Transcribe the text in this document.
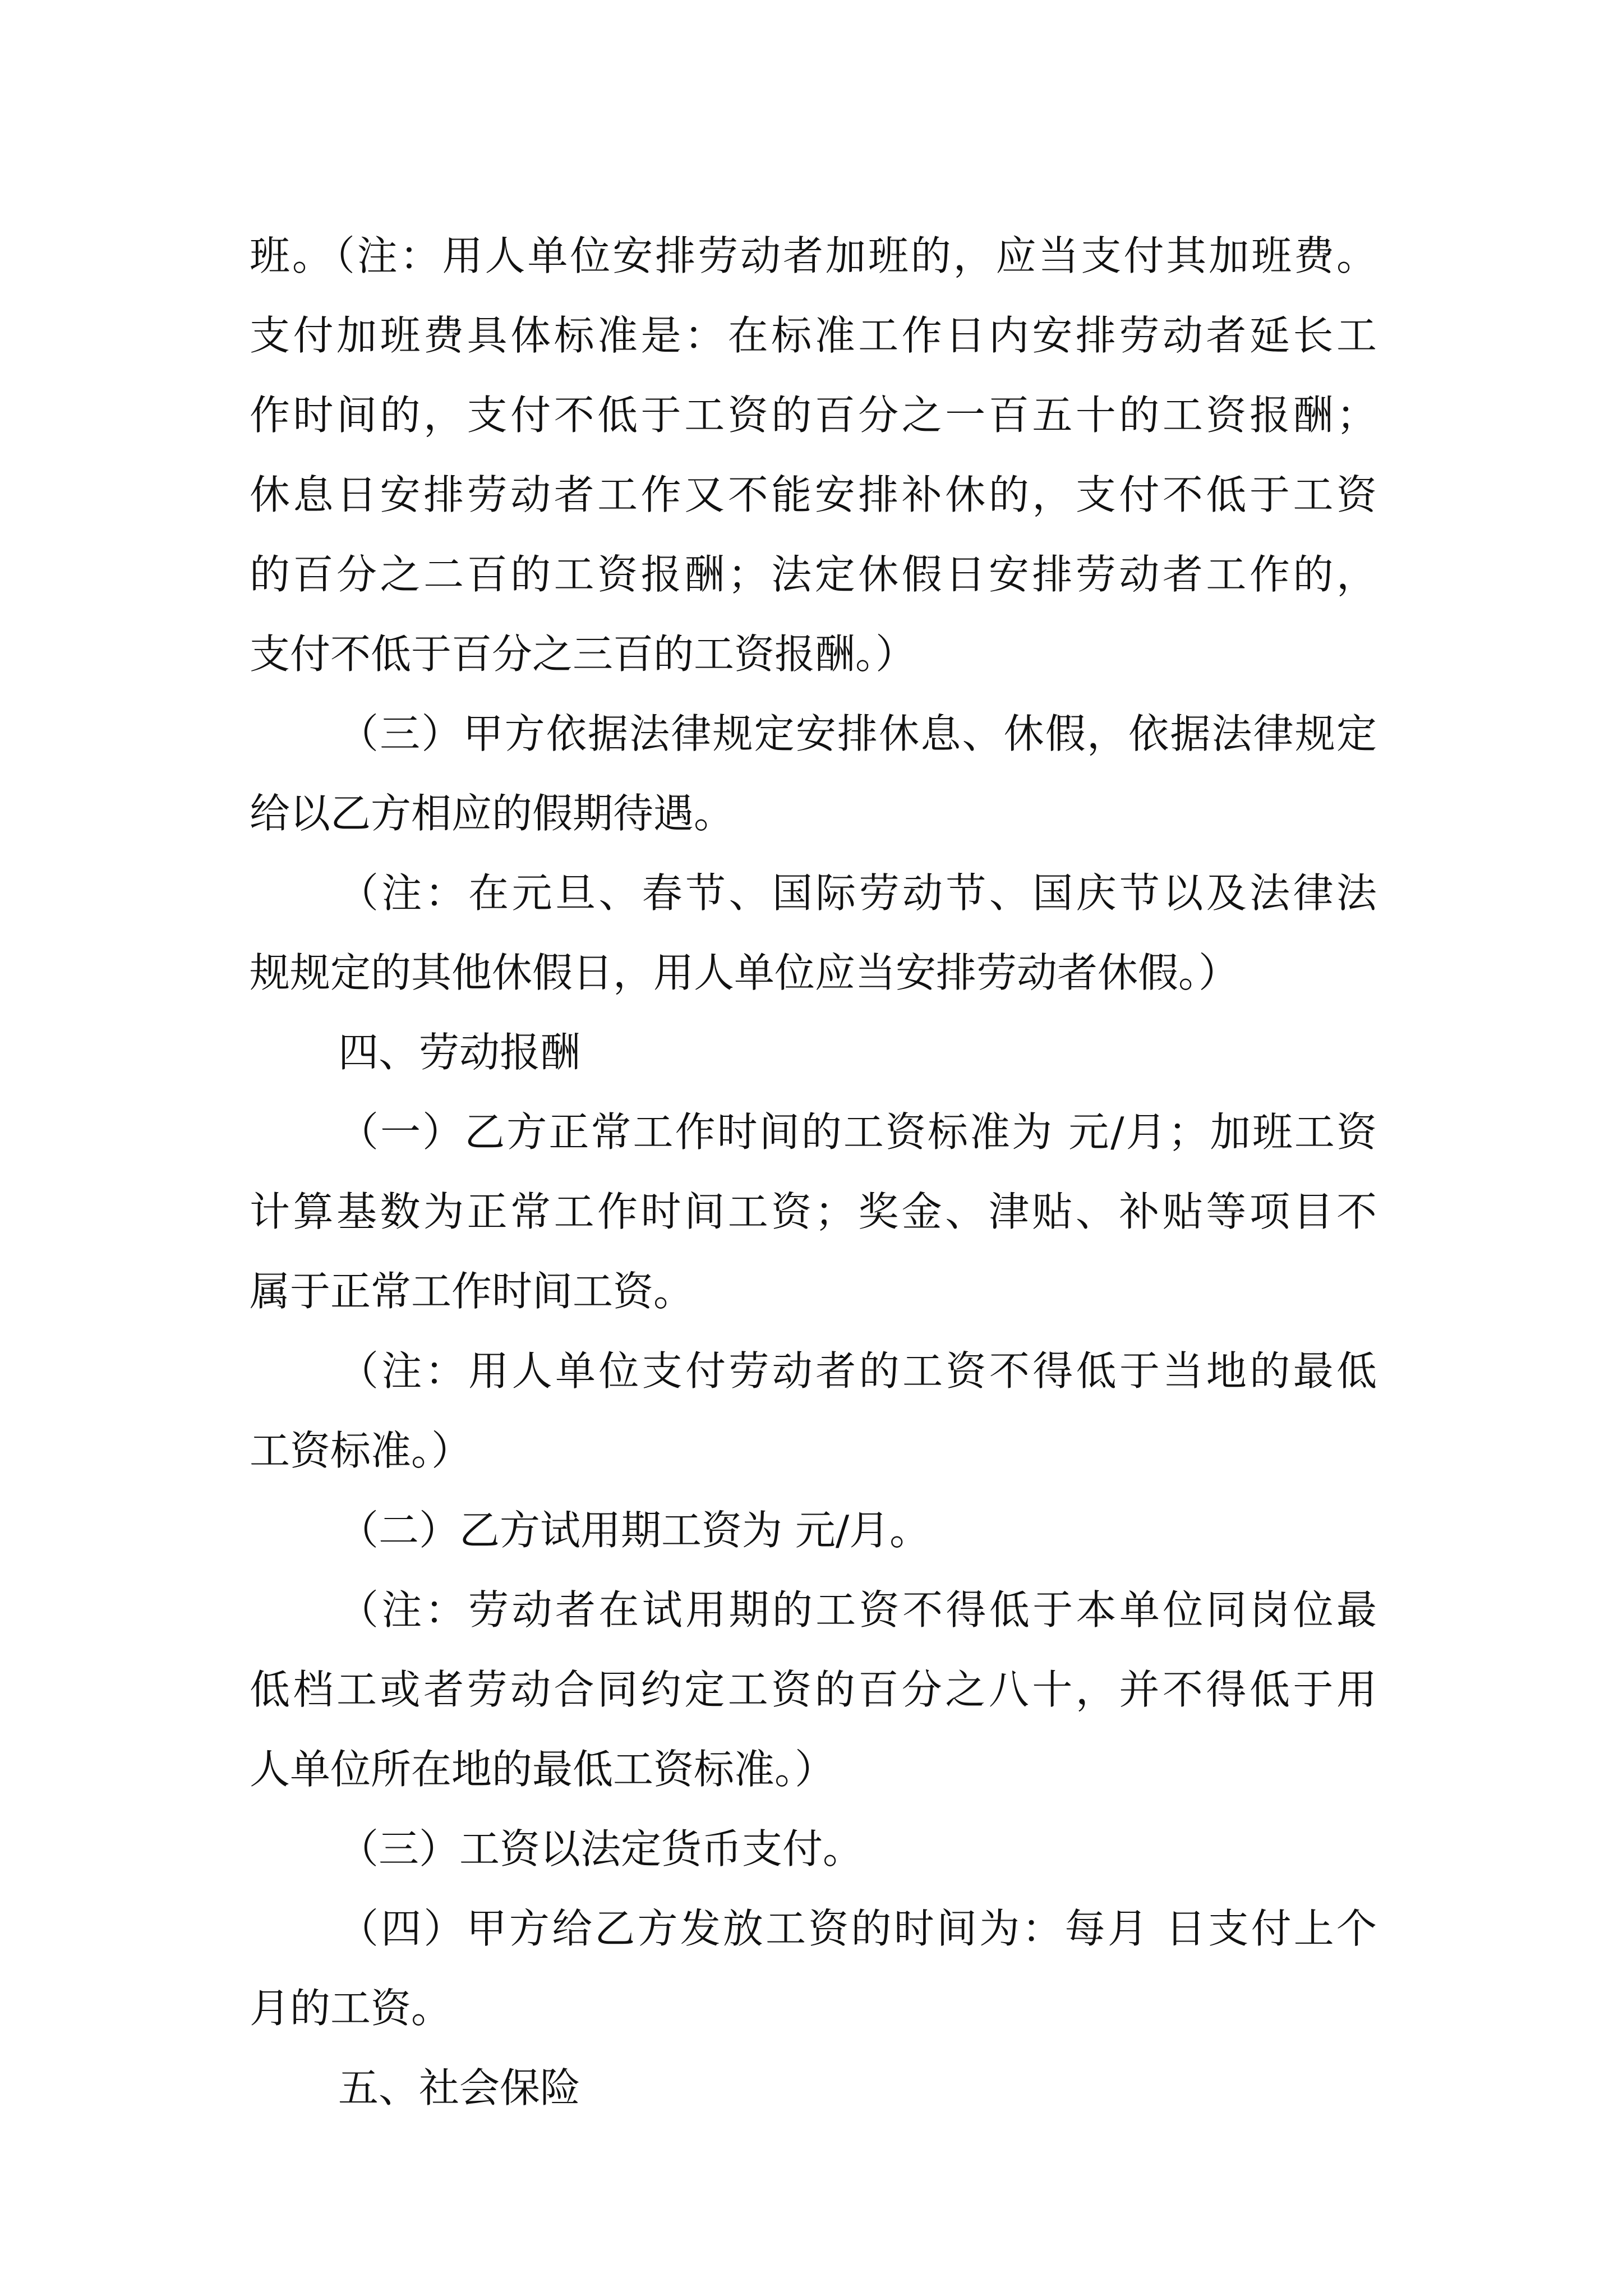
班。（注：用人单位安排劳动者加班的，应当支付其加班费。
支付加班费具体标准是：在标准工作日内安排劳动者延长工
作时间的，支付不低于工资的百分之一百五十的工资报酬；
休息日安排劳动者工作又不能安排补休的，支付不低于工资
的百分之二百的工资报酬；法定休假日安排劳动者工作的，
支付不低于百分之三百的工资报酬。）
（三）甲方依据法律规定安排休息、休假，依据法律规定
给以乙方相应的假期待遇。
（注：在元旦、春节、国际劳动节、国庆节以及法律法
规规定的其他休假日，用人单位应当安排劳动者休假。）
四、劳动报酬
（一）乙方正常工作时间的工资标准为 元/月；加班工资
计算基数为正常工作时间工资；奖金、津贴、补贴等项目不
属于正常工作时间工资。
（注：用人单位支付劳动者的工资不得低于当地的最低
工资标准。）
（二）乙方试用期工资为 元/月。
（注：劳动者在试用期的工资不得低于本单位同岗位最
低档工或者劳动合同约定工资的百分之八十，并不得低于用
人单位所在地的最低工资标准。）
（三）工资以法定货币支付。
（四）甲方给乙方发放工资的时间为：每月 日支付上个
月的工资。
五、社会保险
